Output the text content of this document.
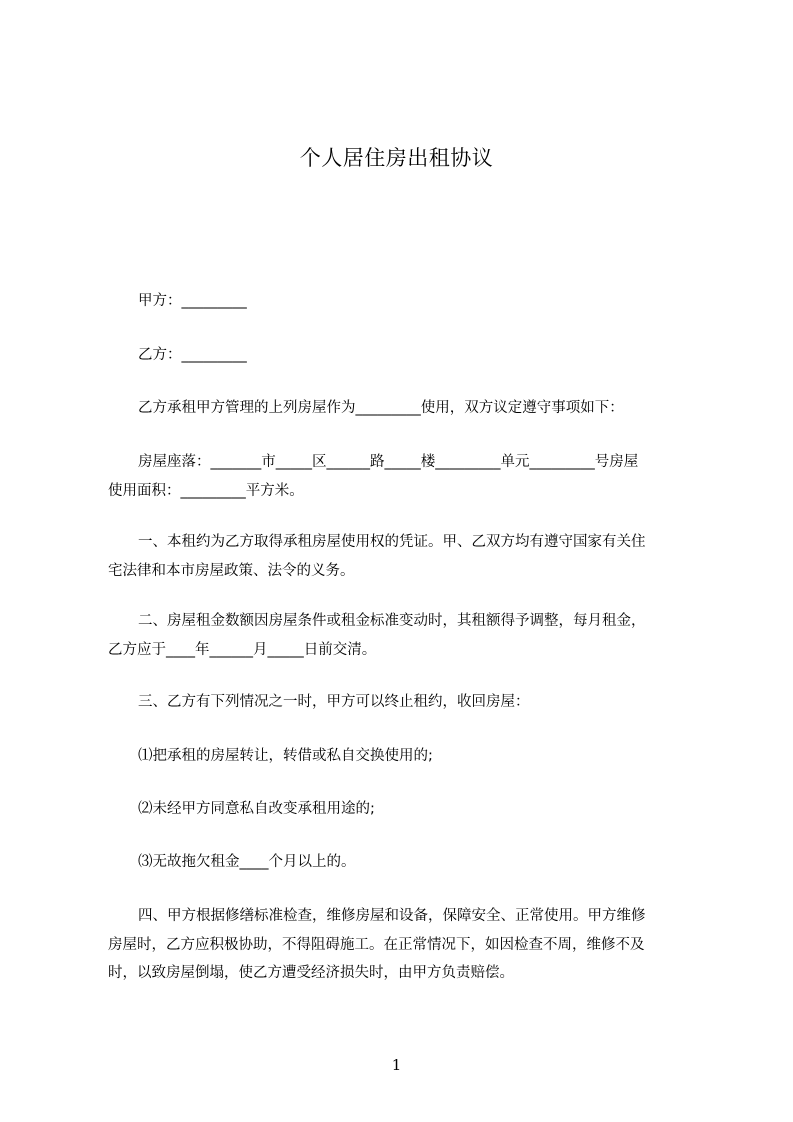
个人居住房出租协议
甲方：_________
乙方：_________
乙方承租甲方管理的上列房屋作为_________使用，双方议定遵守事项如下：
房屋座落：_______市_____区______路_____楼_________单元_________号房屋
使用面积：_________平方米。
一、本租约为乙方取得承租房屋使用权的凭证。甲、乙双方均有遵守国家有关住
宅法律和本市房屋政策、法令的义务。
二、房屋租金数额因房屋条件或租金标准变动时，其租额得予调整，每月租金，
乙方应于____年______月_____日前交清。
三、乙方有下列情况之一时，甲方可以终止租约，收回房屋：
⑴把承租的房屋转让，转借或私自交换使用的;
⑵未经甲方同意私自改变承租用途的;
⑶无故拖欠租金____个月以上的。
四、甲方根据修缮标准检查，维修房屋和设备，保障安全、正常使用。甲方维修
房屋时，乙方应积极协助，不得阻碍施工。在正常情况下，如因检查不周，维修不及
时，以致房屋倒塌，使乙方遭受经济损失时，由甲方负责赔偿。
1
